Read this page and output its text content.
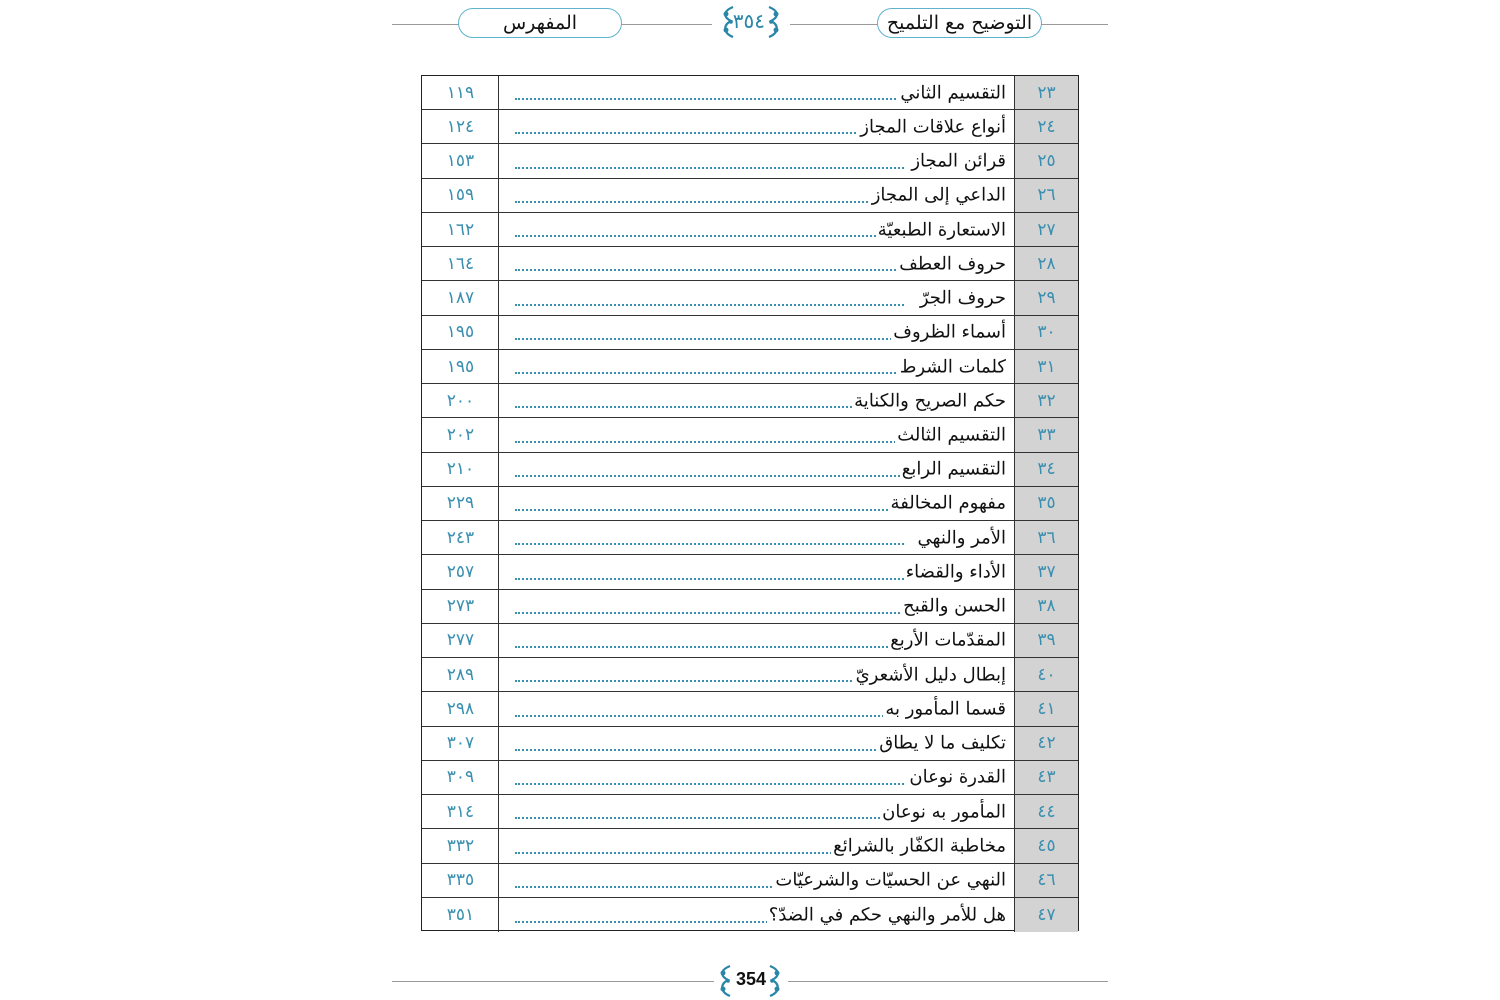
المفهرس	التوضيح مع التلميح
٣٥٤
٢٣
التقسيم الثاني
١١٩
٢٤
أنواع علاقات المجاز
١٢٤
٢٥
قرائن المجاز
١٥٣
٢٦
الداعي إلى المجاز
١٥٩
٢٧
الاستعارة الطبعيّة
١٦٢
٢٨
حروف العطف
١٦٤
٢٩
حروف الجرّ
١٨٧
٣٠
أسماء الظروف
١٩٥
٣١
كلمات الشرط
١٩٥
٣٢
حكم الصريح والكناية
٢٠٠
٣٣
التقسيم الثالث
٢٠٢
٣٤
التقسيم الرابع
٢١٠
٣٥
مفهوم المخالفة
٢٢٩
٣٦
الأمر والنهي
٢٤٣
٣٧
الأداء والقضاء
٢٥٧
٣٨
الحسن والقبح
٢٧٣
٣٩
المقدّمات الأربع
٢٧٧
٤٠
إبطال دليل الأشعريّ
٢٨٩
٤١
قسما المأمور به
٢٩٨
٤٢
تكليف ما لا يطاق
٣٠٧
٤٣
القدرة نوعان
٣٠٩
٤٤
المأمور به نوعان
٣١٤
٤٥
مخاطبة الكفّار بالشرائع
٣٣٢
٤٦
النهي عن الحسيّات والشرعيّات
٣٣٥
٤٧
هل للأمر والنهي حكم في الضدّ؟
٣٥١
354
